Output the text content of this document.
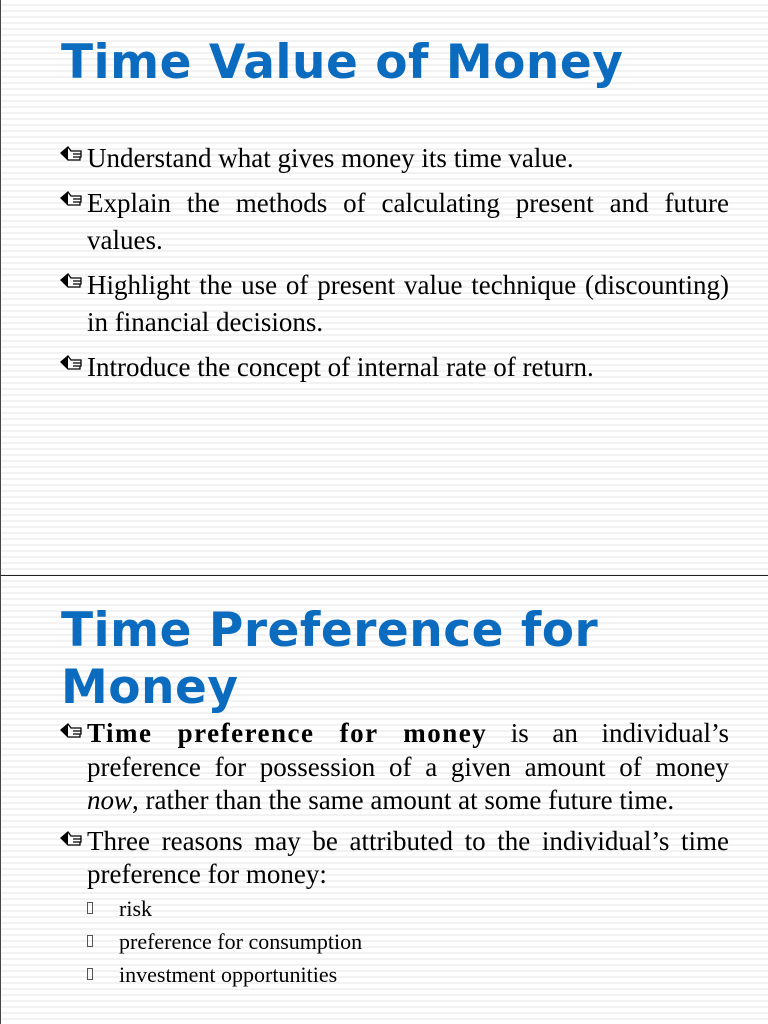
Time Value of Money
Understand what gives money its time value.
Explain the methods of calculating present and future values.
Highlight the use of present value technique (discounting) in financial decisions.
Introduce the concept of internal rate of return.
Time Preference for Money
Time preference for money is an individual’s preference for possession of a given amount of money now, rather than the same amount at some future time.
Three reasons may be attributed to the individual’s time preference for money:
risk
preference for consumption
investment opportunities
